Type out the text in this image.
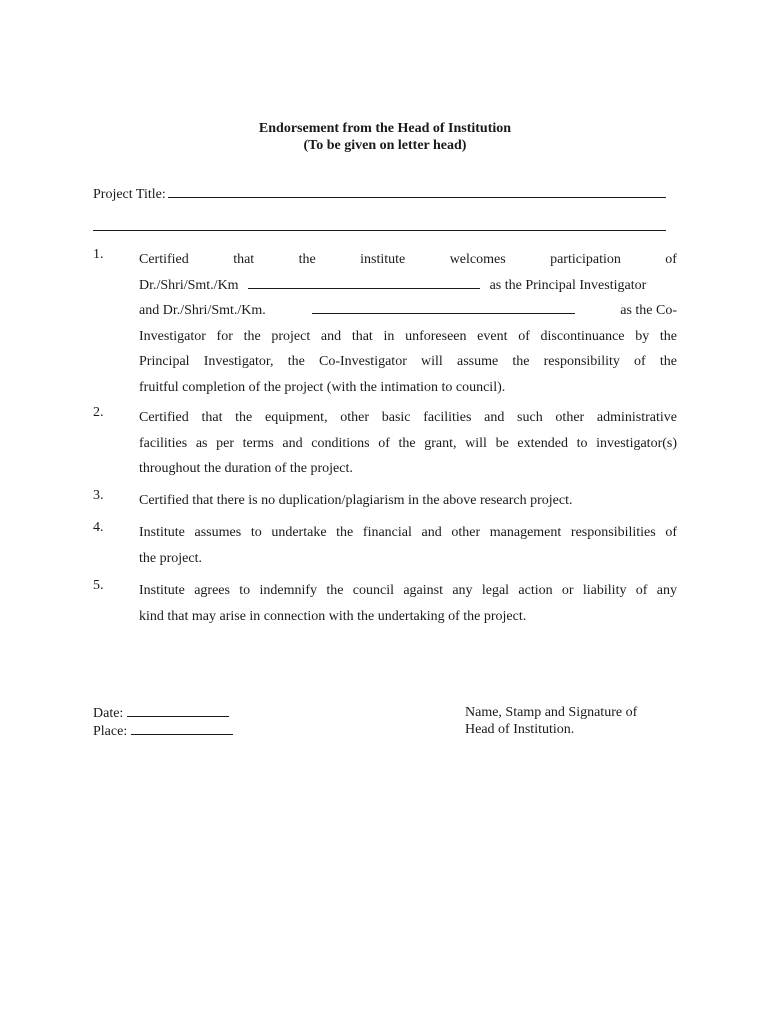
Endorsement from the Head of Institution
(To be given on letter head)
Project Title:
1.	Certified	that	the	institute	welcomes	participation	of
Dr./Shri/Smt./Km	as the Principal Investigator
and Dr./Shri/Smt./Km.	as the Co-
Investigator for the project and that in unforeseen event of discontinuance by the
Principal Investigator, the Co-Investigator will assume the responsibility of the
fruitful completion of the project (with the intimation to council).
2.	Certified that the equipment, other basic facilities and such other administrative
facilities as per terms and conditions of the grant, will be extended to investigator(s)
throughout the duration of the project.
3.	Certified that there is no duplication/plagiarism in the above research project.
4.	Institute assumes to undertake the financial and other management responsibilities of
the project.
5.	Institute agrees to indemnify the council against any legal action or liability of any
kind that may arise in connection with the undertaking of the project.
Date:
Place:
Name, Stamp and Signature of
Head of Institution.
